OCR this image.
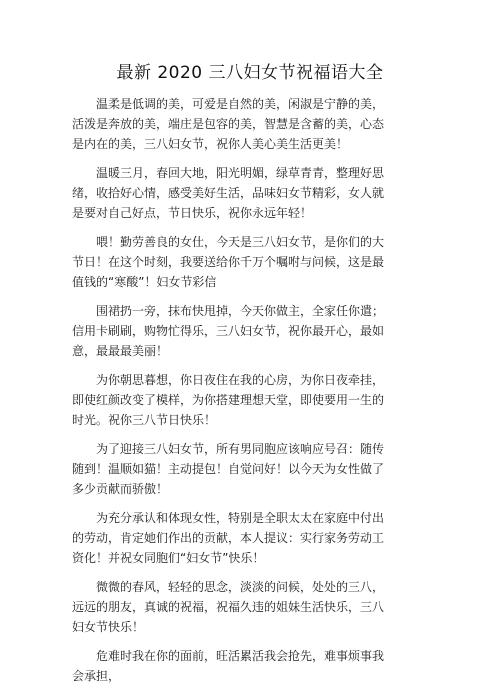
最新 2020 三八妇女节祝福语大全

温柔是低调的美，可爱是自然的美，闲淑是宁静的美，活泼是奔放的美，端庄是包容的美，智慧是含蓄的美，心态是内在的美，三八妇女节，祝你人美心美生活更美！

温暖三月，春回大地，阳光明媚，绿草青青，整理好思绪，收拾好心情，感受美好生活，品味妇女节精彩，女人就是要对自己好点，节日快乐，祝你永远年轻！

喂！勤劳善良的女仕，今天是三八妇女节，是你们的大节日！在这个时刻，我要送给你千万个嘱咐与问候，这是最值钱的“寒酸”！妇女节彩信

围裙扔一旁，抹布快甩掉，今天你做主，全家任你遣；信用卡刷刷，购物忙得乐，三八妇女节，祝你最开心，最如意，最最最美丽！

为你朝思暮想，你日夜住在我的心房，为你日夜牵挂，即使红颜改变了模样，为你搭建理想天堂，即使要用一生的时光。祝你三八节日快乐！

为了迎接三八妇女节，所有男同胞应该响应号召：随传随到！温顺如猫！主动提包！自觉问好！以今天为女性做了多少贡献而骄傲！

为充分承认和体现女性，特别是全职太太在家庭中付出的劳动，肯定她们作出的贡献，本人提议：实行家务劳动工资化！并祝女同胞们“妇女节”快乐！

微微的春风，轻轻的思念，淡淡的问候，处处的三八，远远的朋友，真诚的祝福，祝福久违的姐妹生活快乐，三八妇女节快乐！

危难时我在你的面前，旺活累活我会抢先，难事烦事我会承担，
